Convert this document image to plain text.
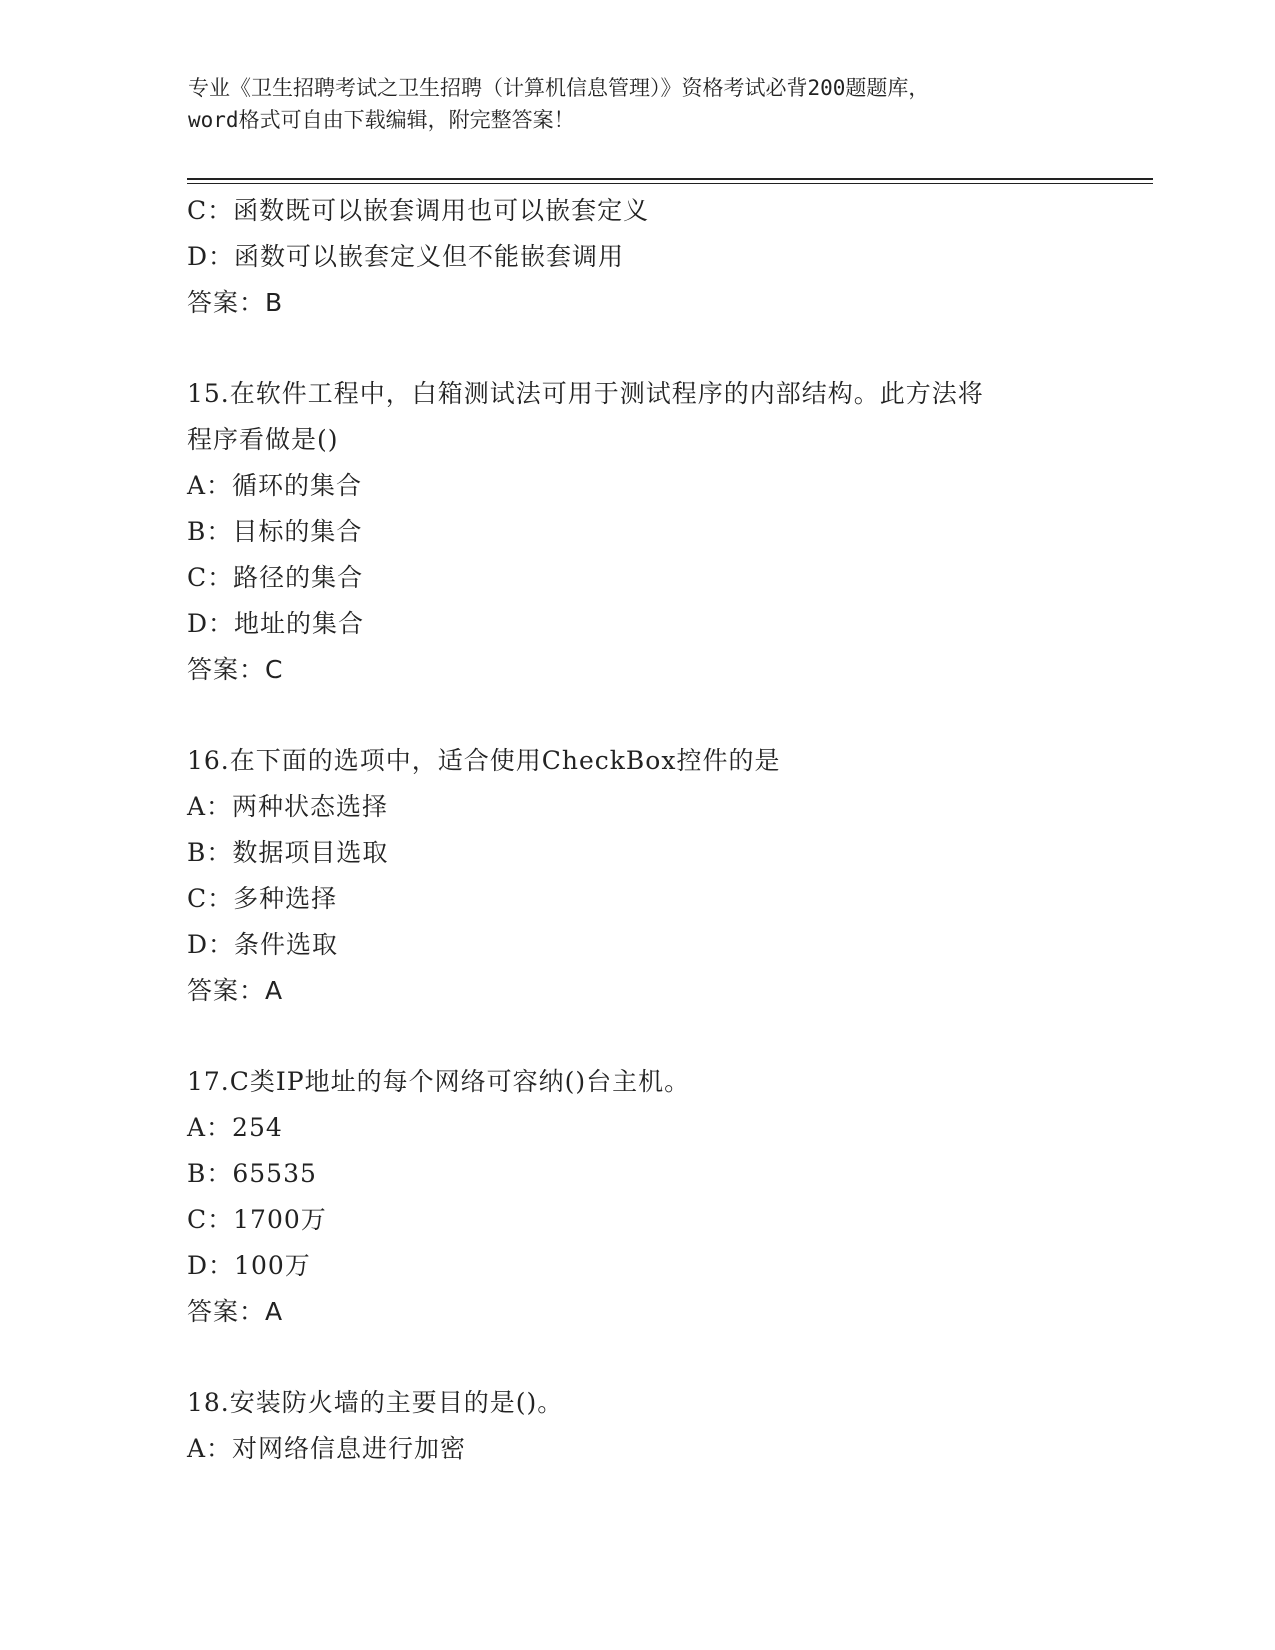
专业《卫生招聘考试之卫生招聘（计算机信息管理）》资格考试必背200题题库，
word格式可自由下载编辑，附完整答案！
C：函数既可以嵌套调用也可以嵌套定义
D：函数可以嵌套定义但不能嵌套调用
答案：B
15.在软件工程中，白箱测试法可用于测试程序的内部结构。此方法将
程序看做是()
A：循环的集合
B：目标的集合
C：路径的集合
D：地址的集合
答案：C
16.在下面的选项中，适合使用CheckBox控件的是
A：两种状态选择
B：数据项目选取
C：多种选择
D：条件选取
答案：A
17.C类IP地址的每个网络可容纳()台主机。
A：254
B：65535
C：1700万
D：100万
答案：A
18.安装防火墙的主要目的是()。
A：对网络信息进行加密
